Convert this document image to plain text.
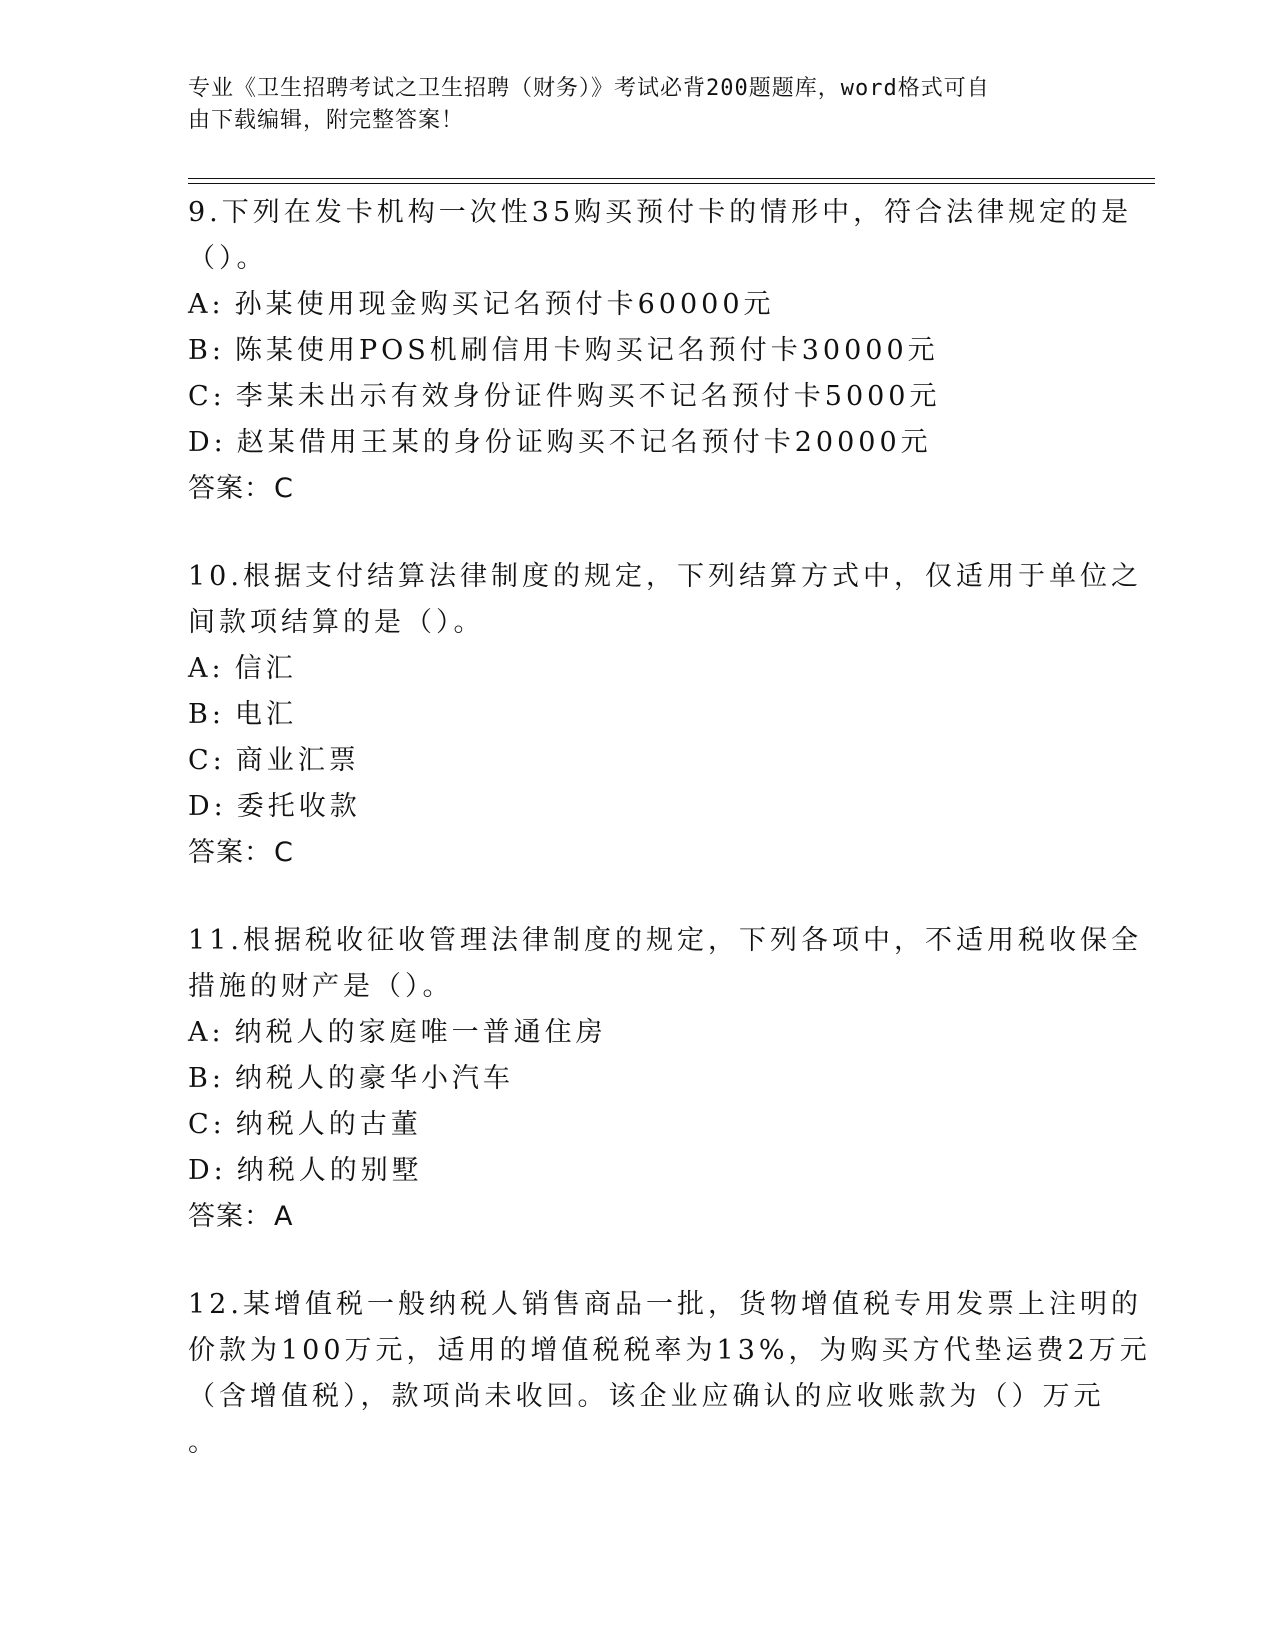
专业《卫生招聘考试之卫生招聘（财务）》考试必背200题题库，word格式可自
由下载编辑，附完整答案！

9.下列在发卡机构一次性35购买预付卡的情形中，符合法律规定的是
（）。

A: 孙某使用现金购买记名预付卡60000元
B: 陈某使用POS机刷信用卡购买记名预付卡30000元
C: 李某未出示有效身份证件购买不记名预付卡5000元
D: 赵某借用王某的身份证购买不记名预付卡20000元
答案：C

10.根据支付结算法律制度的规定，下列结算方式中，仅适用于单位之
间款项结算的是（）。

A: 信汇
B: 电汇
C: 商业汇票
D: 委托收款
答案：C

11.根据税收征收管理法律制度的规定，下列各项中，不适用税收保全
措施的财产是（）。

A: 纳税人的家庭唯一普通住房
B: 纳税人的豪华小汽车
C: 纳税人的古董
D: 纳税人的别墅
答案：A

12.某增值税一般纳税人销售商品一批，货物增值税专用发票上注明的
价款为100万元，适用的增值税税率为13%，为购买方代垫运费2万元
（含增值税），款项尚未收回。该企业应确认的应收账款为（）万元
。
